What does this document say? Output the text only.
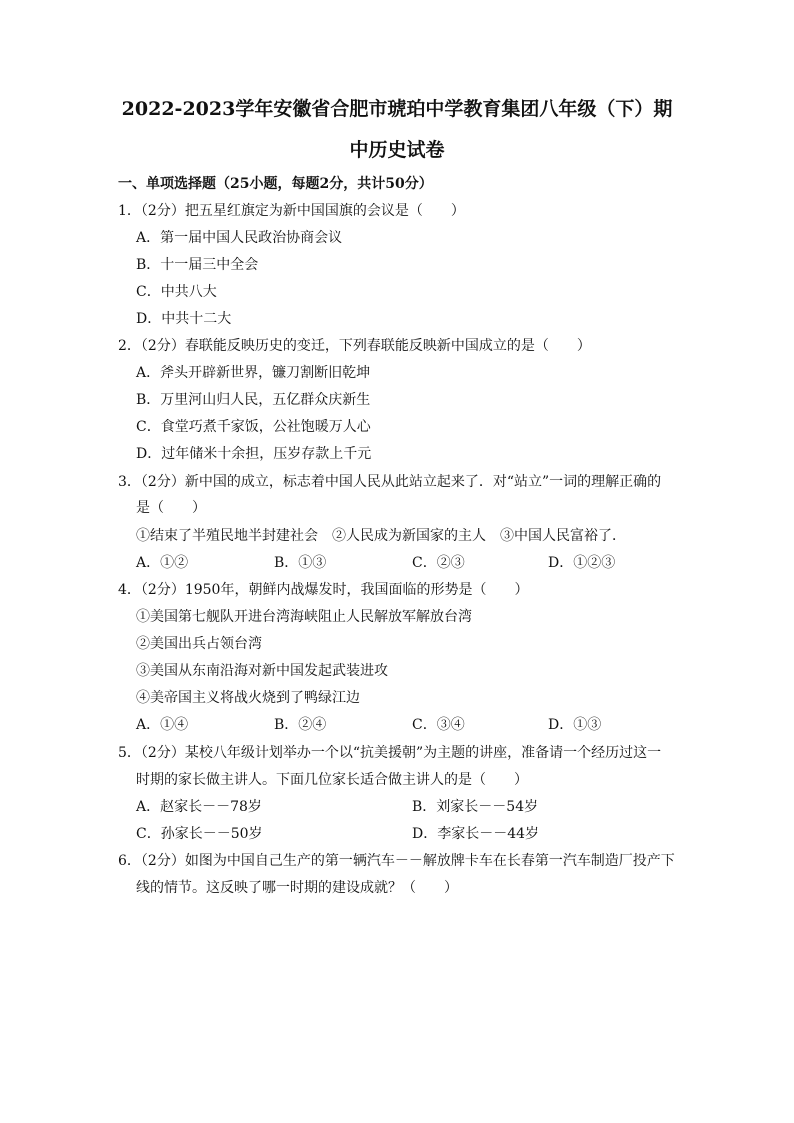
2022-2023学年安徽省合肥市琥珀中学教育集团八年级（下）期
中历史试卷
一、单项选择题（25小题，每题2分，共计50分）
1．（2分）把五星红旗定为新中国国旗的会议是（　　）
A．第一届中国人民政治协商会议
B．十一届三中全会
C．中共八大
D．中共十二大
2．（2分）春联能反映历史的变迁，下列春联能反映新中国成立的是（　　）
A．斧头开辟新世界，镰刀割断旧乾坤
B．万里河山归人民，五亿群众庆新生
C．食堂巧煮千家饭，公社饱暖万人心
D．过年储米十余担，压岁存款上千元
3．（2分）新中国的成立，标志着中国人民从此站立起来了．对“站立”一词的理解正确的
是（　　）
①结束了半殖民地半封建社会　②人民成为新国家的主人　③中国人民富裕了．
A．①②	B．①③	C．②③	D．①②③
4．（2分）1950年，朝鲜内战爆发时，我国面临的形势是（　　）
①美国第七舰队开进台湾海峡阻止人民解放军解放台湾
②美国出兵占领台湾
③美国从东南沿海对新中国发起武装进攻
④美帝国主义将战火烧到了鸭绿江边
A．①④	B．②④	C．③④	D．①③
5．（2分）某校八年级计划举办一个以“抗美援朝”为主题的讲座，准备请一个经历过这一
时期的家长做主讲人。下面几位家长适合做主讲人的是（　　）
A．赵家长－－78岁	B．刘家长－－54岁
C．孙家长－－50岁	D．李家长－－44岁
6．（2分）如图为中国自己生产的第一辆汽车－－解放牌卡车在长春第一汽车制造厂投产下
线的情节。这反映了哪一时期的建设成就？（　　）
